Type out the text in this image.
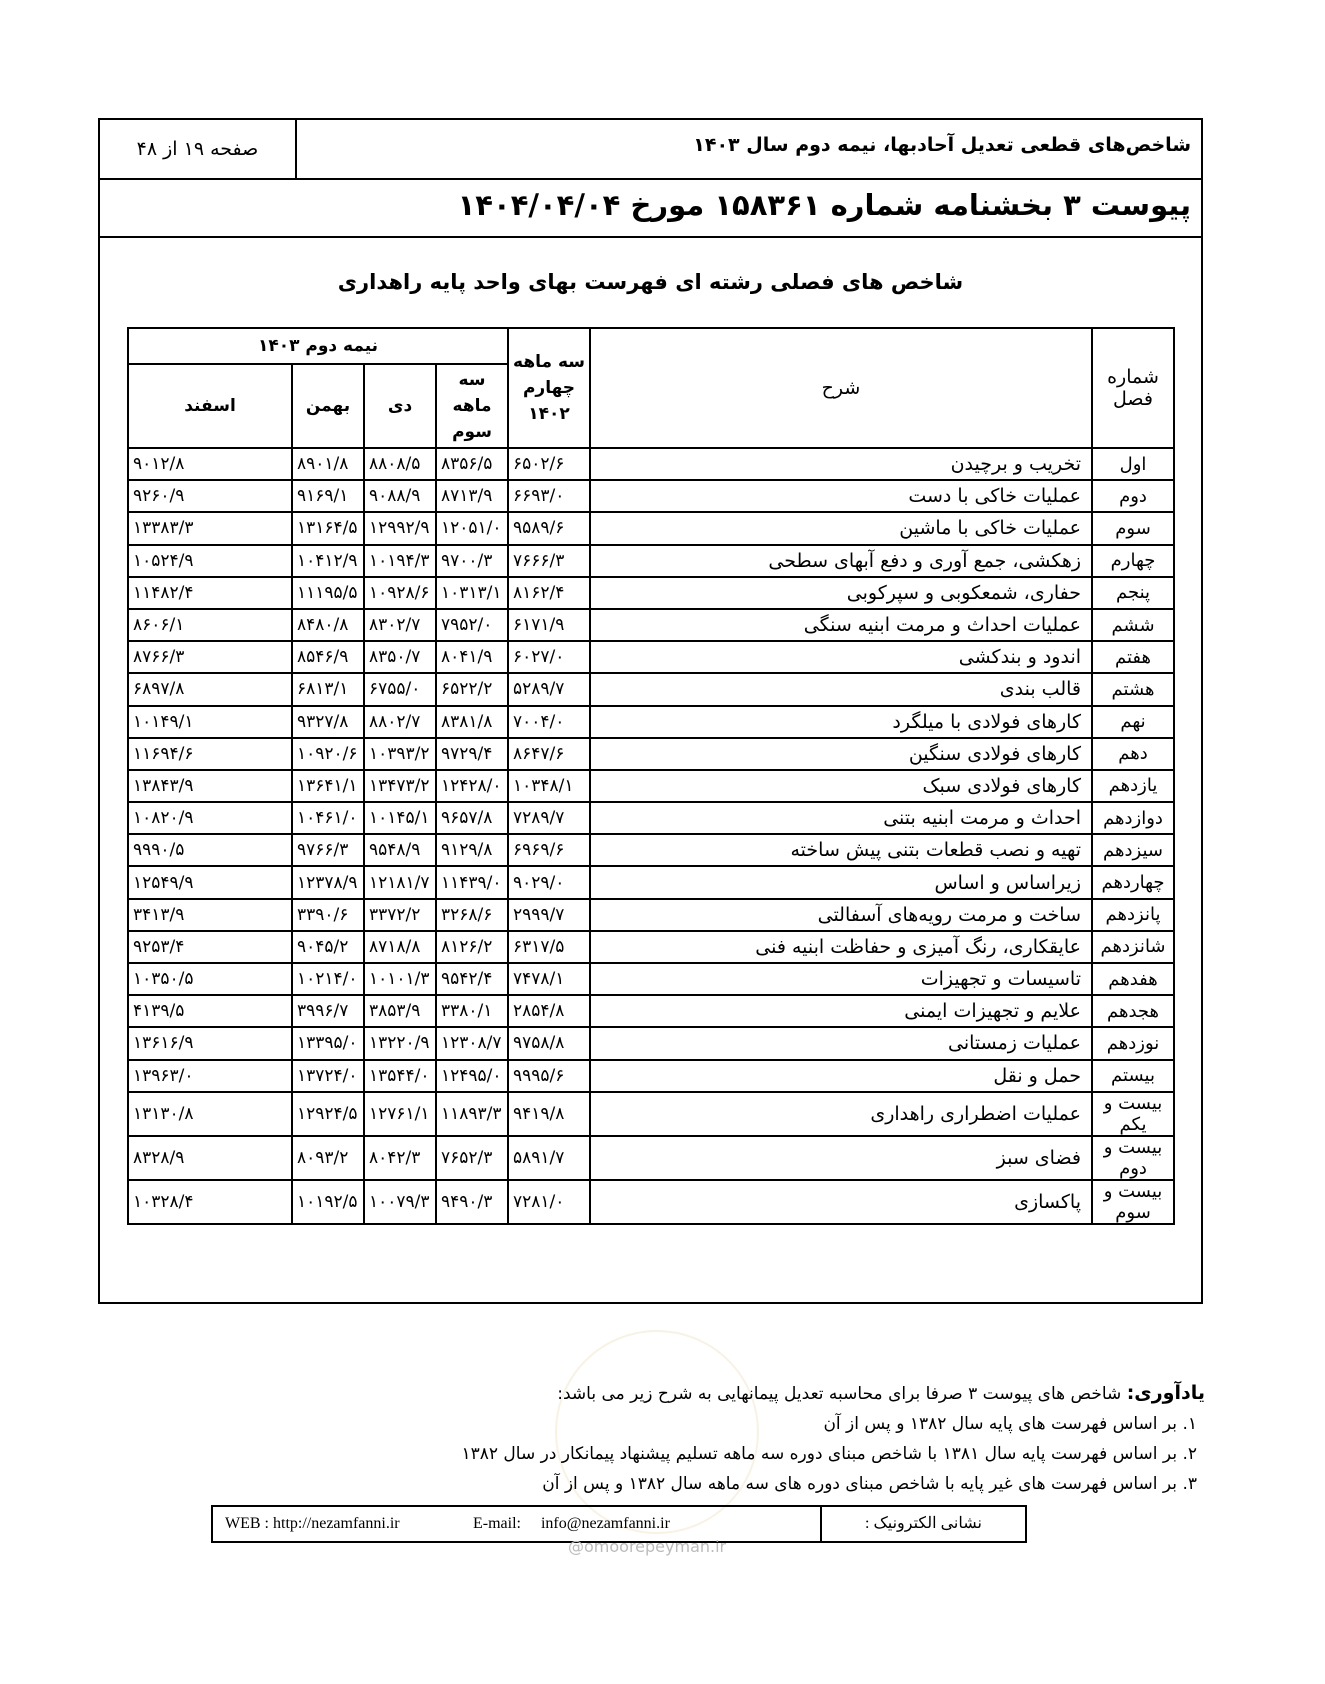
شاخص‌های قطعی تعدیل آحادبها، نیمه دوم سال ۱۴۰۳
صفحه ۱۹ از ۴۸
پیوست ۳ بخشنامه شماره ۱۵۸۳۶۱ مورخ ۱۴۰۴/۰۴/۰۴
شاخص های فصلی رشته ای فهرست بهای واحد پایه راهداری
شماره فصل	شرح	سه ماهه چهارم ۱۴۰۲	نیمه دوم ۱۴۰۳			
			سه ماهه سوم	دی	بهمن	اسفند
اول	تخریب و برچیدن	۶۵۰۲/۶	۸۳۵۶/۵	۸۸۰۸/۵	۸۹۰۱/۸	۹۰۱۲/۸
دوم	عملیات خاکی با دست	۶۶۹۳/۰	۸۷۱۳/۹	۹۰۸۸/۹	۹۱۶۹/۱	۹۲۶۰/۹
سوم	عملیات خاکی با ماشین	۹۵۸۹/۶	۱۲۰۵۱/۰	۱۲۹۹۲/۹	۱۳۱۶۴/۵	۱۳۳۸۳/۳
چهارم	زهکشی، جمع آوری و دفع آبهای سطحی	۷۶۶۶/۳	۹۷۰۰/۳	۱۰۱۹۴/۳	۱۰۴۱۲/۹	۱۰۵۲۴/۹
پنجم	حفاری، شمعکوبی و سپرکوبی	۸۱۶۲/۴	۱۰۳۱۳/۱	۱۰۹۲۸/۶	۱۱۱۹۵/۵	۱۱۴۸۲/۴
ششم	عملیات احداث و مرمت ابنیه سنگی	۶۱۷۱/۹	۷۹۵۲/۰	۸۳۰۲/۷	۸۴۸۰/۸	۸۶۰۶/۱
هفتم	اندود و بندکشی	۶۰۲۷/۰	۸۰۴۱/۹	۸۳۵۰/۷	۸۵۴۶/۹	۸۷۶۶/۳
هشتم	قالب بندی	۵۲۸۹/۷	۶۵۲۲/۲	۶۷۵۵/۰	۶۸۱۳/۱	۶۸۹۷/۸
نهم	کارهای فولادی با میلگرد	۷۰۰۴/۰	۸۳۸۱/۸	۸۸۰۲/۷	۹۳۲۷/۸	۱۰۱۴۹/۱
دهم	کارهای فولادی سنگین	۸۶۴۷/۶	۹۷۲۹/۴	۱۰۳۹۳/۲	۱۰۹۲۰/۶	۱۱۶۹۴/۶
یازدهم	کارهای فولادی سبک	۱۰۳۴۸/۱	۱۲۴۲۸/۰	۱۳۴۷۳/۲	۱۳۶۴۱/۱	۱۳۸۴۳/۹
دوازدهم	احداث و مرمت ابنیه بتنی	۷۲۸۹/۷	۹۶۵۷/۸	۱۰۱۴۵/۱	۱۰۴۶۱/۰	۱۰۸۲۰/۹
سیزدهم	تهیه و نصب قطعات بتنی پیش ساخته	۶۹۶۹/۶	۹۱۲۹/۸	۹۵۴۸/۹	۹۷۶۶/۳	۹۹۹۰/۵
چهاردهم	زیراساس و اساس	۹۰۲۹/۰	۱۱۴۳۹/۰	۱۲۱۸۱/۷	۱۲۳۷۸/۹	۱۲۵۴۹/۹
پانزدهم	ساخت و مرمت رویه‌های آسفالتی	۲۹۹۹/۷	۳۲۶۸/۶	۳۳۷۲/۲	۳۳۹۰/۶	۳۴۱۳/۹
شانزدهم	عایقکاری، رنگ آمیزی و حفاظت ابنیه فنی	۶۳۱۷/۵	۸۱۲۶/۲	۸۷۱۸/۸	۹۰۴۵/۲	۹۲۵۳/۴
هفدهم	تاسیسات و تجهیزات	۷۴۷۸/۱	۹۵۴۲/۴	۱۰۱۰۱/۳	۱۰۲۱۴/۰	۱۰۳۵۰/۵
هجدهم	علایم و تجهیزات ایمنی	۲۸۵۴/۸	۳۳۸۰/۱	۳۸۵۳/۹	۳۹۹۶/۷	۴۱۳۹/۵
نوزدهم	عملیات زمستانی	۹۷۵۸/۸	۱۲۳۰۸/۷	۱۳۲۲۰/۹	۱۳۳۹۵/۰	۱۳۶۱۶/۹
بیستم	حمل و نقل	۹۹۹۵/۶	۱۲۴۹۵/۰	۱۳۵۴۴/۰	۱۳۷۲۴/۰	۱۳۹۶۳/۰
بیست و یکم	عملیات اضطراری راهداری	۹۴۱۹/۸	۱۱۸۹۳/۳	۱۲۷۶۱/۱	۱۲۹۲۴/۵	۱۳۱۳۰/۸
بیست و دوم	فضای سبز	۵۸۹۱/۷	۷۶۵۲/۳	۸۰۴۲/۳	۸۰۹۳/۲	۸۳۲۸/۹
بیست و سوم	پاکسازی	۷۲۸۱/۰	۹۴۹۰/۳	۱۰۰۷۹/۳	۱۰۱۹۲/۵	۱۰۳۲۸/۴
یادآوری: شاخص های پیوست ۳ صرفا برای محاسبه تعدیل پیمانهایی به شرح زیر می باشد:
۱. بر اساس فهرست های پایه سال ۱۳۸۲ و پس از آن
۲. بر اساس فهرست پایه سال ۱۳۸۱ با شاخص مبنای دوره سه ماهه تسلیم پیشنهاد پیمانکار در سال ۱۳۸۲
۳. بر اساس فهرست های غیر پایه با شاخص مبنای دوره های سه ماهه سال ۱۳۸۲ و پس از آن
نشانی الکترونیک :
WEB : http://nezamfanni.ir	E-mail: info@nezamfanni.ir
@omoorepeyman.ir
